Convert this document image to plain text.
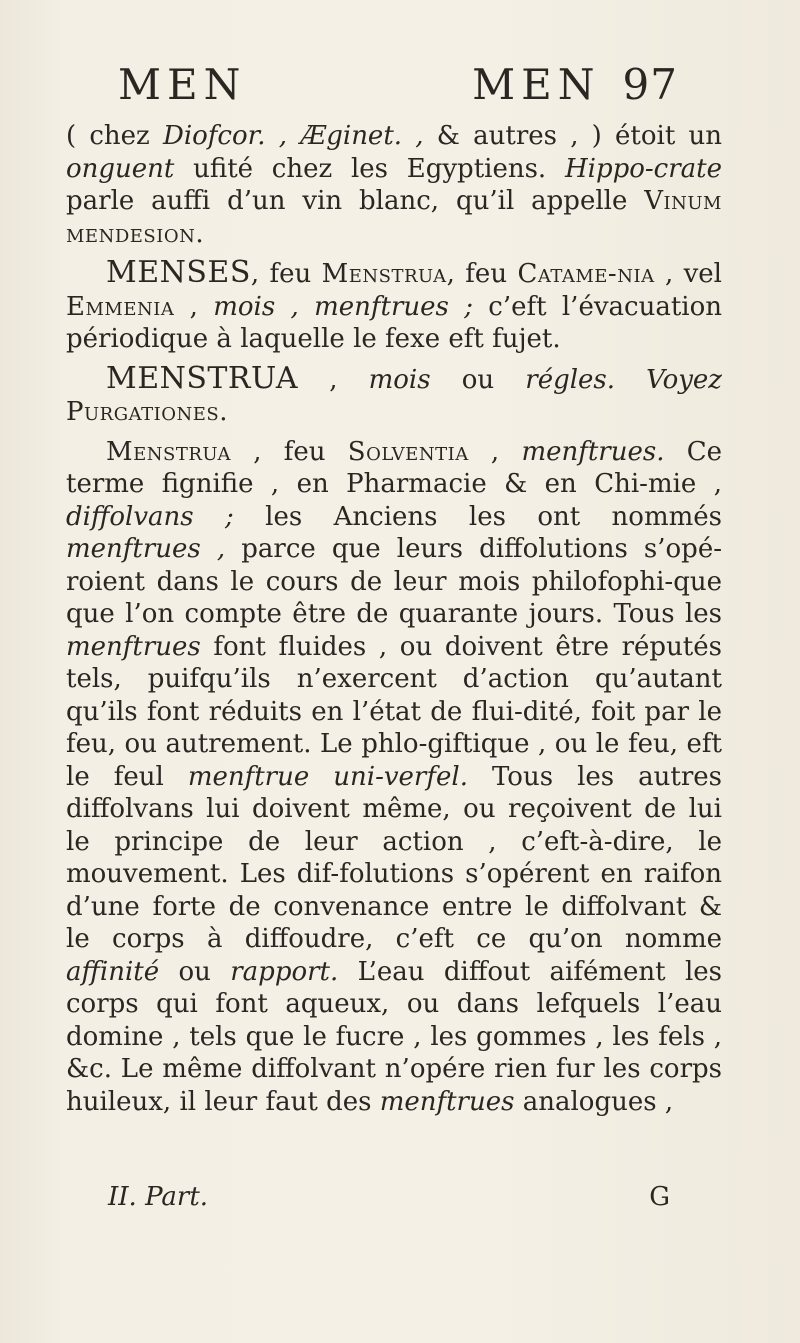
MEN	MEN 97

( chez Diofcor. , Æginet. , & autres , ) étoit un onguent ufité chez les Egyptiens. Hippo-crate parle auffi d’un vin blanc, qu’il appelle Vinum mendesion.

MENSES, feu Menstrua, feu Catame-nia , vel Emmenia , mois , menftrues ; c’eft l’évacuation périodique à laquelle le fexe eft fujet.

MENSTRUA , mois ou régles. Voyez Purgationes.

Menstrua , feu Solventia , menftrues. Ce terme fignifie , en Pharmacie & en Chi-mie , diffolvans ; les Anciens les ont nommés menftrues , parce que leurs diffolutions s’opé-roient dans le cours de leur mois philofophi-que que l’on compte être de quarante jours. Tous les menftrues font fluides , ou doivent être réputés tels, puifqu’ils n’exercent d’action qu’autant qu’ils font réduits en l’état de flui-dité, foit par le feu, ou autrement. Le phlo-giftique , ou le feu, eft le feul menftrue uni-verfel. Tous les autres diffolvans lui doivent même, ou reçoivent de lui le principe de leur action , c’eft-à-dire, le mouvement. Les dif-folutions s’opérent en raifon d’une forte de convenance entre le diffolvant & le corps à diffoudre, c’eft ce qu’on nomme affinité ou rapport. L’eau diffout aifément les corps qui font aqueux, ou dans lefquels l’eau domine , tels que le fucre , les gommes , les fels , &c. Le même diffolvant n’opére rien fur les corps huileux, il leur faut des menftrues analogues ,

II. Part.	G
